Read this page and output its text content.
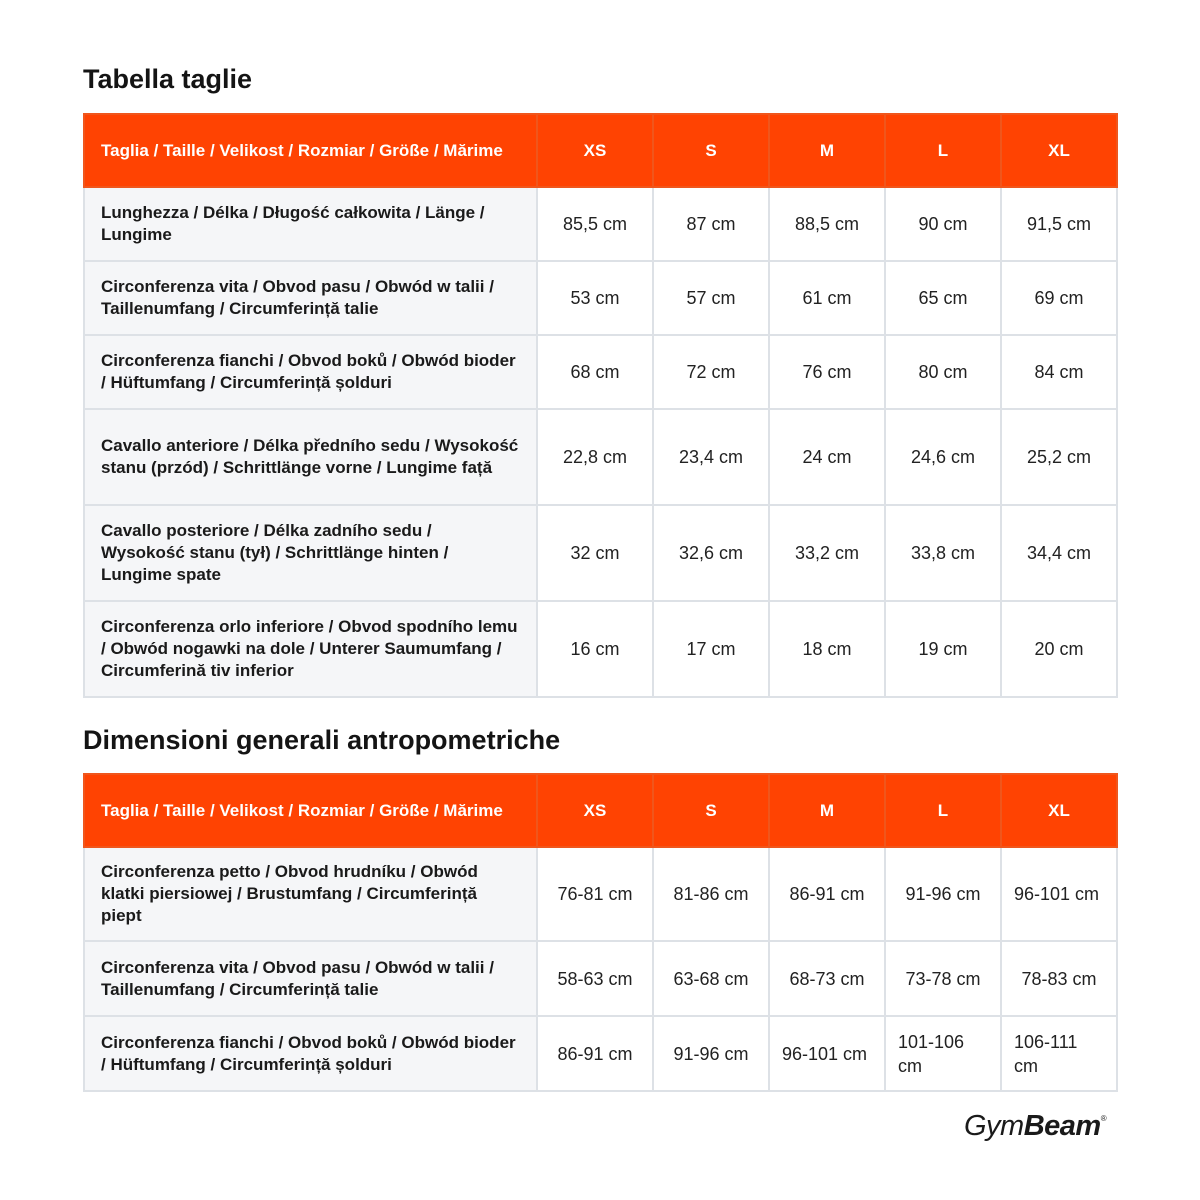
Tabella taglie
Taglia / Taille / Velikost / Rozmiar / Größe / Mărime	XS	S	M	L	XL
Lunghezza / Délka / Długość całkowita / Länge / Lungime	85,5 cm	87 cm	88,5 cm	90 cm	91,5 cm
Circonferenza vita / Obvod pasu / Obwód w talii / Taillenumfang / Circumferință talie	53 cm	57 cm	61 cm	65 cm	69 cm
Circonferenza fianchi / Obvod boků / Obwód bioder / Hüftumfang / Circumferință șolduri	68 cm	72 cm	76 cm	80 cm	84 cm
Cavallo anteriore / Délka předního sedu / Wysokość stanu (przód) / Schrittlänge vorne / Lungime față	22,8 cm	23,4 cm	24 cm	24,6 cm	25,2 cm
Cavallo posteriore / Délka zadního sedu / Wysokość stanu (tył) / Schrittlänge hinten / Lungime spate	32 cm	32,6 cm	33,2 cm	33,8 cm	34,4 cm
Circonferenza orlo inferiore / Obvod spodního lemu / Obwód nogawki na dole / Unterer Saumumfang / Circumferină tiv inferior	16 cm	17 cm	18 cm	19 cm	20 cm
Dimensioni generali antropometriche
Taglia / Taille / Velikost / Rozmiar / Größe / Mărime	XS	S	M	L	XL
Circonferenza petto / Obvod hrudníku / Obwód klatki piersiowej / Brustumfang / Circumferință piept	76-81 cm	81-86 cm	86-91 cm	91-96 cm	96-101 cm
Circonferenza vita / Obvod pasu / Obwód w talii / Taillenumfang / Circumferință talie	58-63 cm	63-68 cm	68-73 cm	73-78 cm	78-83 cm
Circonferenza fianchi / Obvod boků / Obwód bioder / Hüftumfang / Circumferință șolduri	86-91 cm	91-96 cm	96-101 cm	101-106 cm	106-111 cm
GymBeam®
